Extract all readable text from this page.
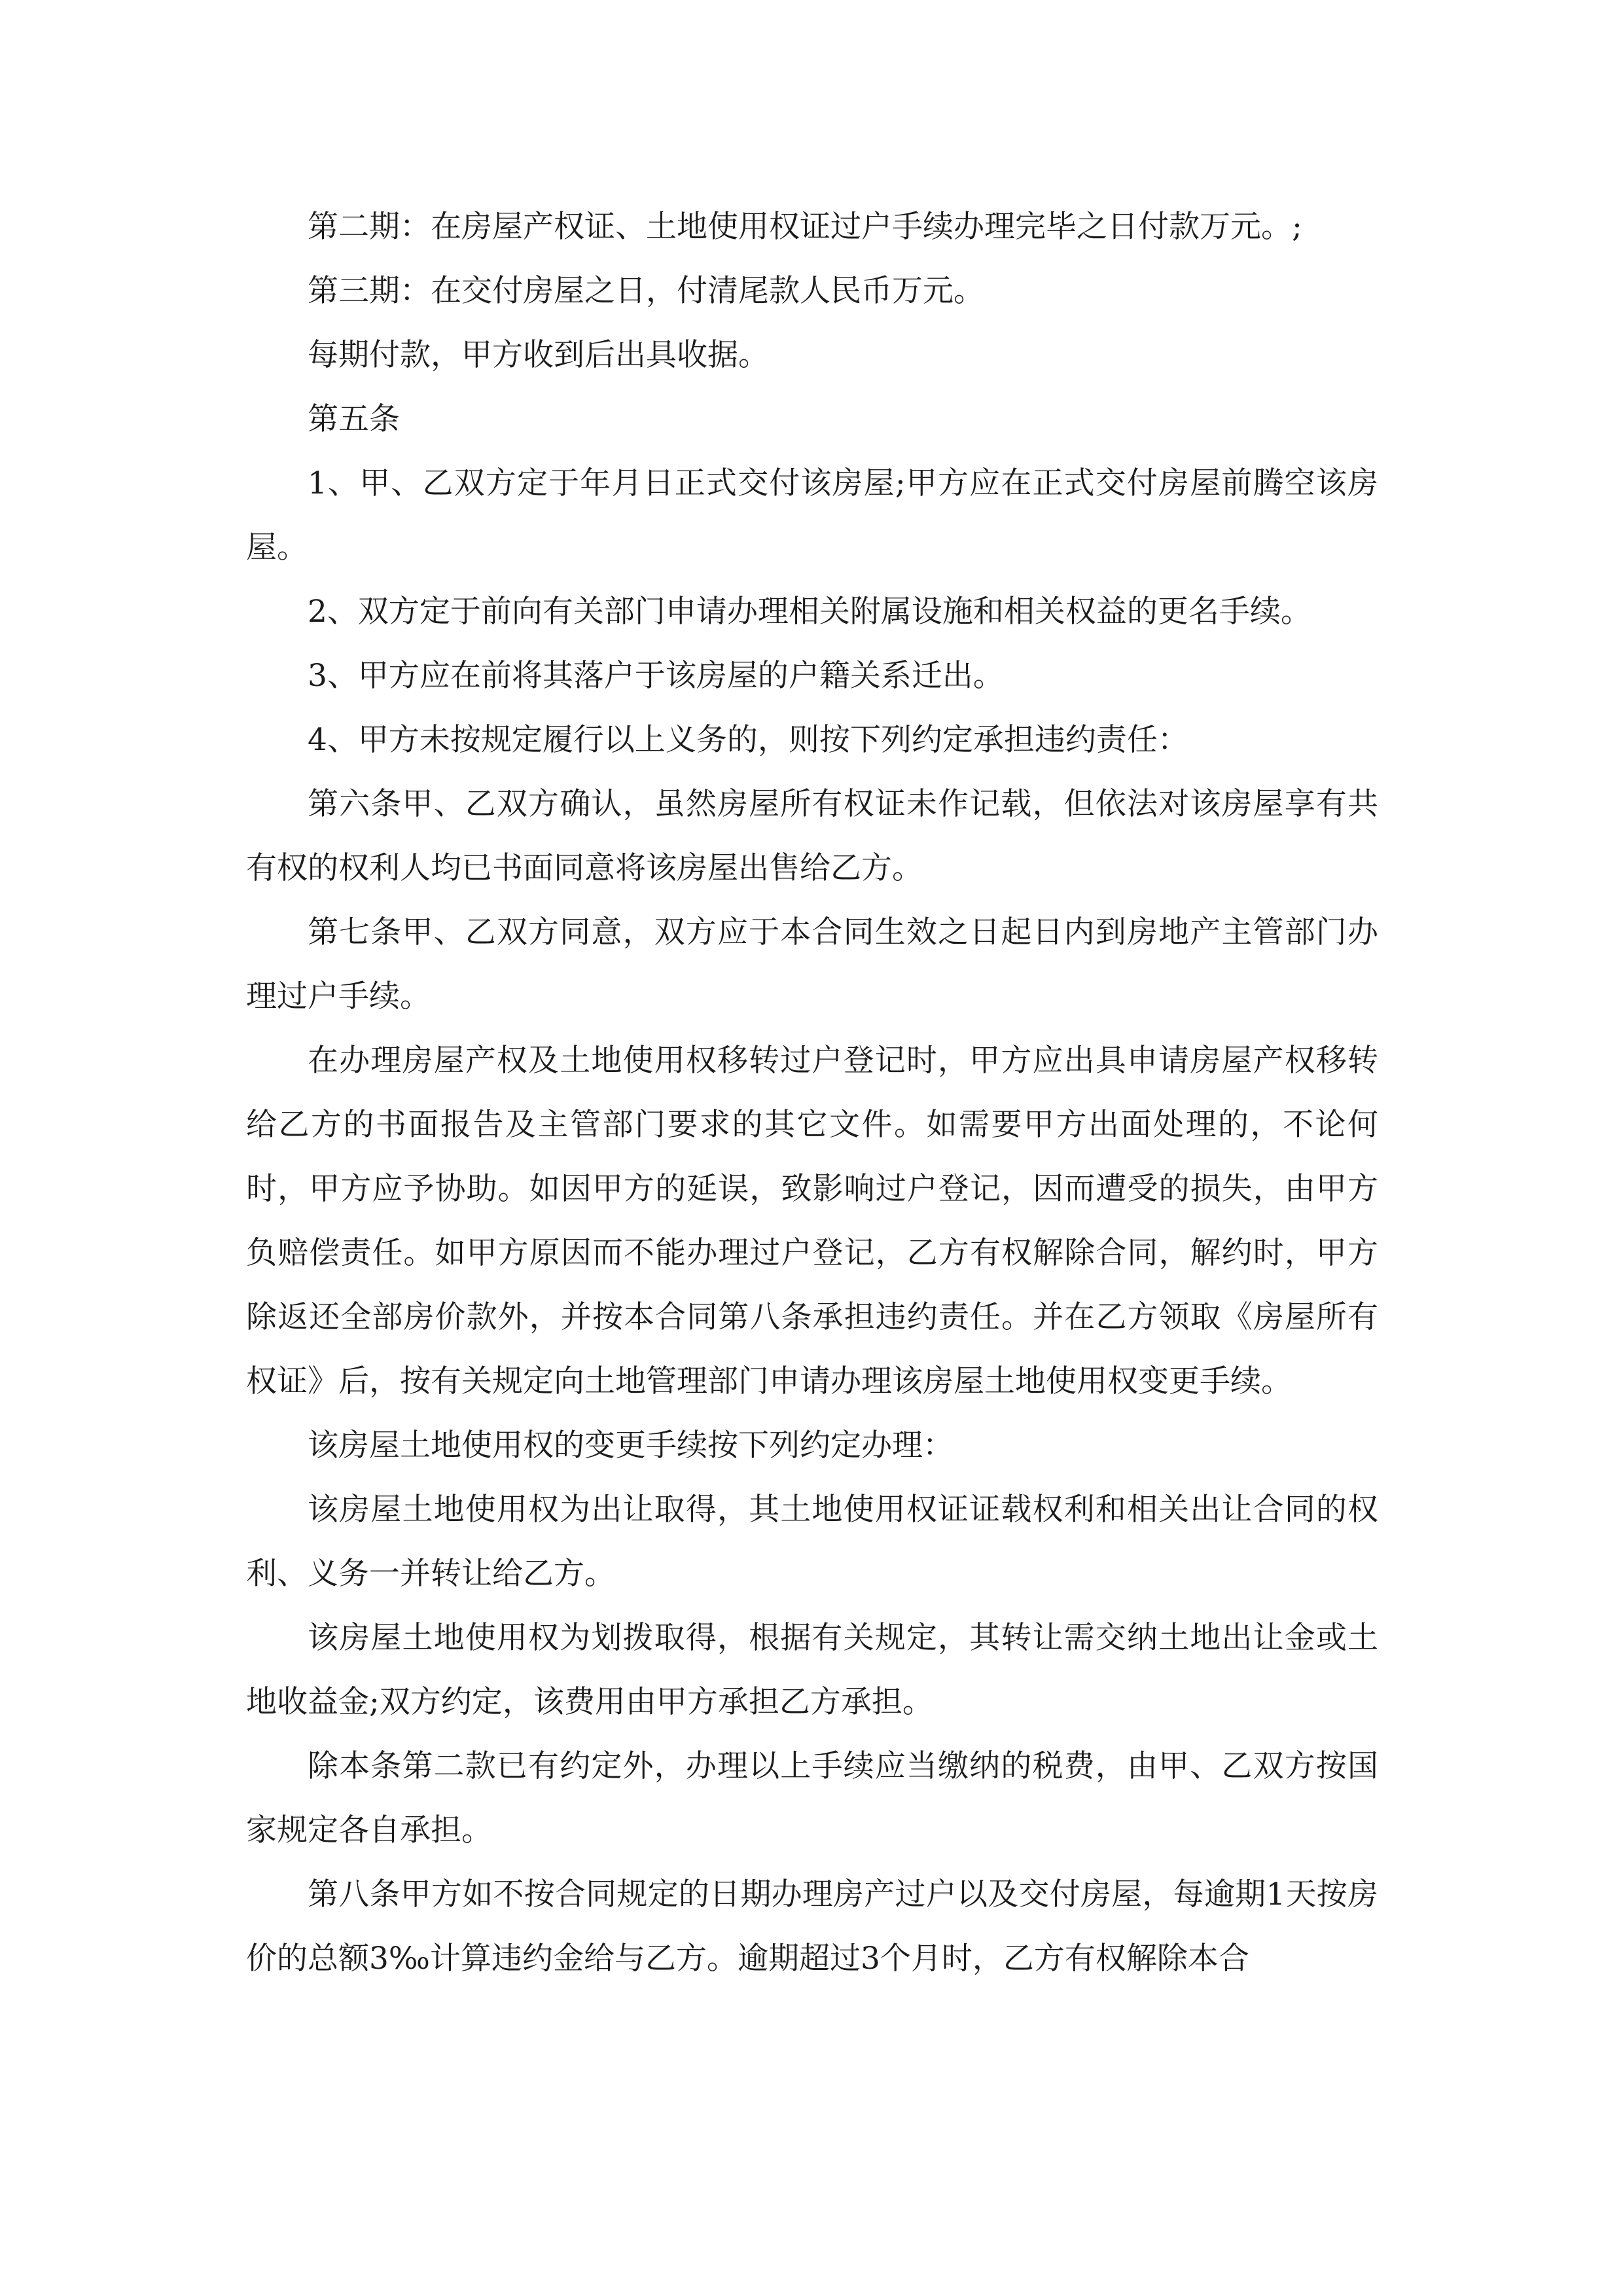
第二期：在房屋产权证、土地使用权证过户手续办理完毕之日付款万元。;

第三期：在交付房屋之日，付清尾款人民币万元。

每期付款，甲方收到后出具收据。

第五条

1、甲、乙双方定于年月日正式交付该房屋;甲方应在正式交付房屋前腾空该房屋。

2、双方定于前向有关部门申请办理相关附属设施和相关权益的更名手续。

3、甲方应在前将其落户于该房屋的户籍关系迁出。

4、甲方未按规定履行以上义务的，则按下列约定承担违约责任：

第六条甲、乙双方确认，虽然房屋所有权证未作记载，但依法对该房屋享有共有权的权利人均已书面同意将该房屋出售给乙方。

第七条甲、乙双方同意，双方应于本合同生效之日起日内到房地产主管部门办理过户手续。

在办理房屋产权及土地使用权移转过户登记时，甲方应出具申请房屋产权移转给乙方的书面报告及主管部门要求的其它文件。如需要甲方出面处理的，不论何时，甲方应予协助。如因甲方的延误，致影响过户登记，因而遭受的损失，由甲方负赔偿责任。如甲方原因而不能办理过户登记，乙方有权解除合同，解约时，甲方除返还全部房价款外，并按本合同第八条承担违约责任。并在乙方领取《房屋所有权证》后，按有关规定向土地管理部门申请办理该房屋土地使用权变更手续。

该房屋土地使用权的变更手续按下列约定办理：

该房屋土地使用权为出让取得，其土地使用权证证载权利和相关出让合同的权利、义务一并转让给乙方。

该房屋土地使用权为划拨取得，根据有关规定，其转让需交纳土地出让金或土地收益金;双方约定，该费用由甲方承担乙方承担。

除本条第二款已有约定外，办理以上手续应当缴纳的税费，由甲、乙双方按国家规定各自承担。

第八条甲方如不按合同规定的日期办理房产过户以及交付房屋，每逾期1天按房价的总额3‰计算违约金给与乙方。逾期超过3个月时，乙方有权解除本合
